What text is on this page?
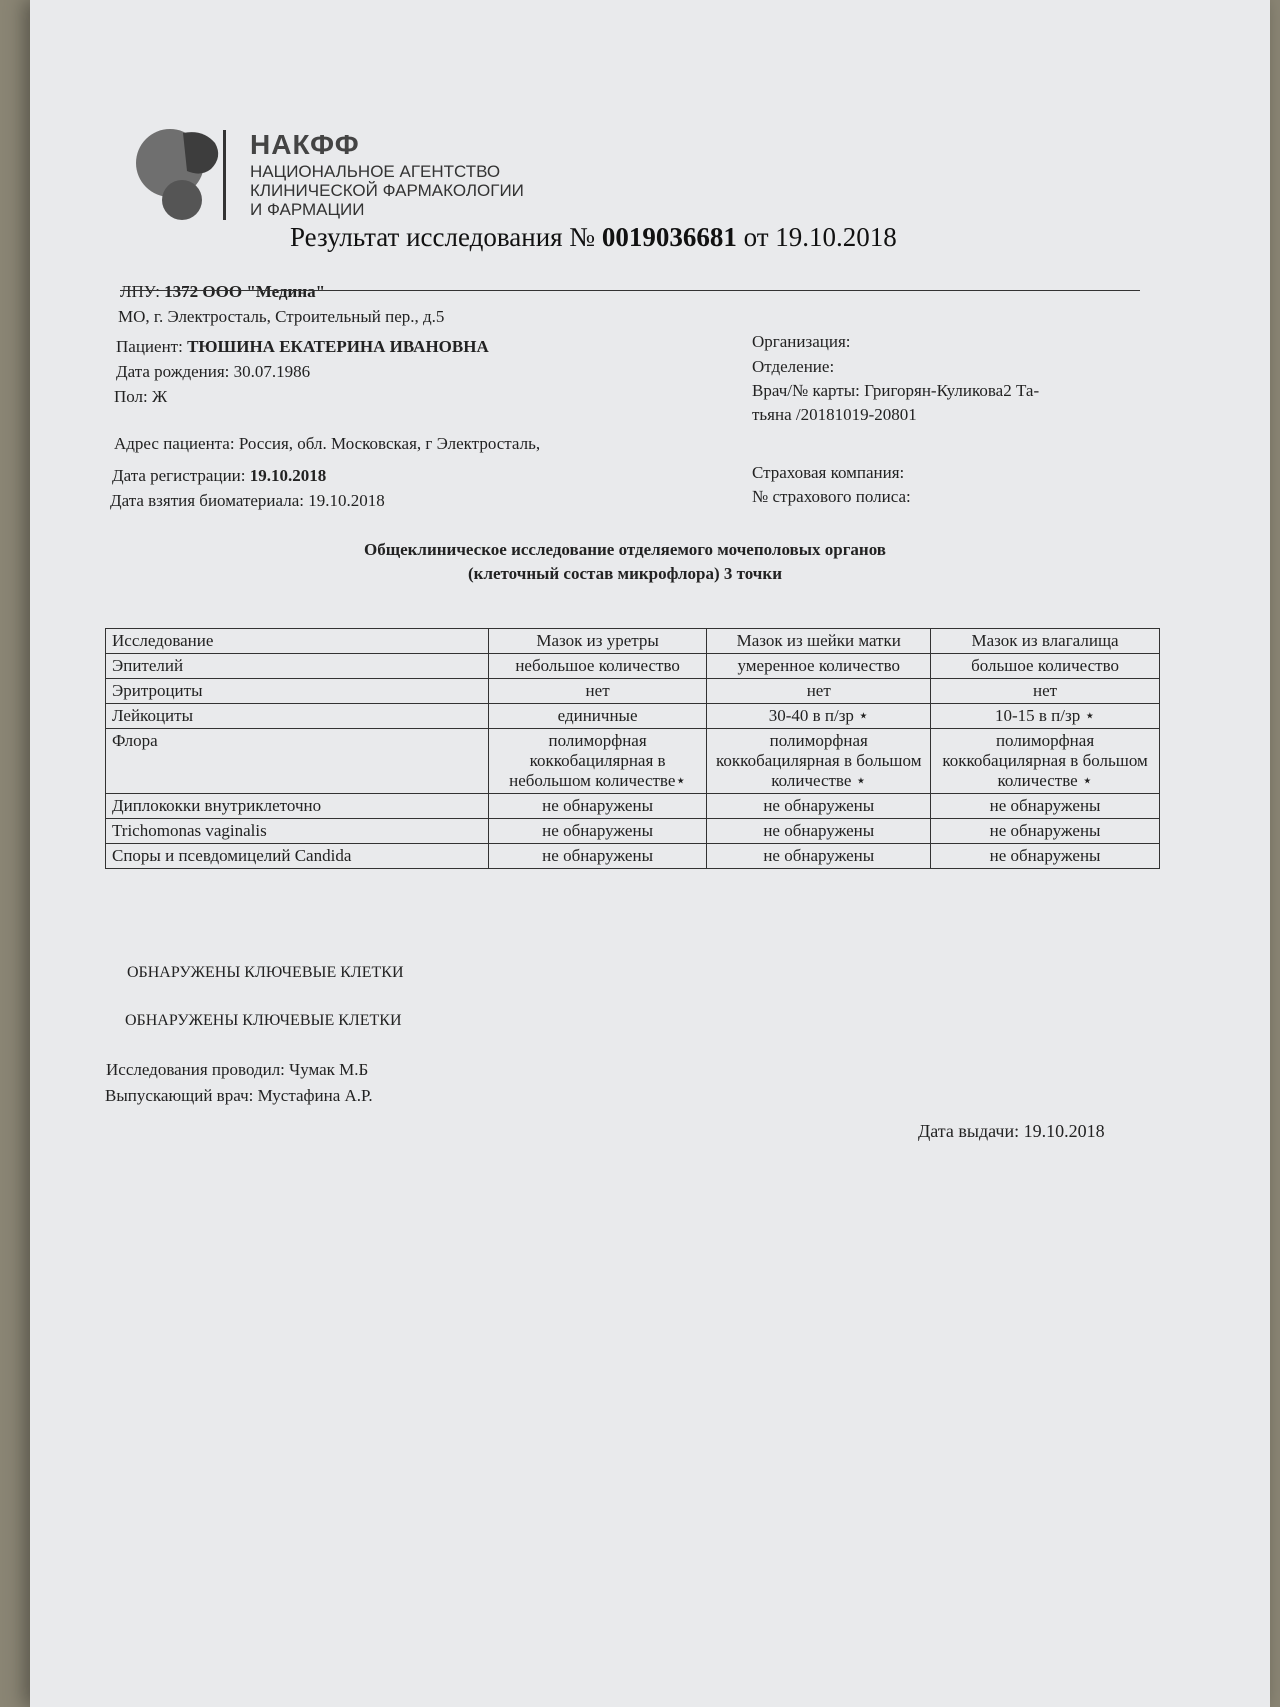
НАКФФ
НАЦИОНАЛЬНОЕ АГЕНТСТВО
КЛИНИЧЕСКОЙ ФАРМАКОЛОГИИ
И ФАРМАЦИИ
Результат исследования № 0019036681 от 19.10.2018
ЛПУ: 1372 ООО "Медина"
МО, г. Электросталь, Строительный пер., д.5
Пациент: ТЮШИНА ЕКАТЕРИНА ИВАНОВНА
Дата рождения: 30.07.1986
Пол: Ж
Адрес пациента: Россия, обл. Московская, г Электросталь,
Дата регистрации: 19.10.2018
Дата взятия биоматериала: 19.10.2018
Организация:
Отделение:
Врач/№ карты: Григорян-Куликова2 Та-
тьяна /20181019-20801
Страховая компания:
№ страхового полиса:
Общеклиническое исследование отделяемого мочеполовых органов
(клеточный состав микрофлора) 3 точки
Исследование	Мазок из уретры	Мазок из шейки матки	Мазок из влагалища
Эпителий	небольшое количество	умеренное количество	большое количество
Эритроциты	нет	нет	нет
Лейкоциты	единичные	30-40 в п/зр ⋆	10-15 в п/зр ⋆
Флора	полиморфная коккобацилярная в небольшом количестве⋆	полиморфная коккобацилярная в большом количестве ⋆	полиморфная коккобацилярная в большом количестве ⋆
Диплококки внутриклеточно	не обнаружены	не обнаружены	не обнаружены
Trichomonas vaginalis	не обнаружены	не обнаружены	не обнаружены
Споры и псевдомицелий Candida	не обнаружены	не обнаружены	не обнаружены
ОБНАРУЖЕНЫ КЛЮЧЕВЫЕ КЛЕТКИ
ОБНАРУЖЕНЫ КЛЮЧЕВЫЕ КЛЕТКИ
Исследования проводил: Чумак М.Б
Выпускающий врач: Мустафина А.Р.
Дата выдачи: 19.10.2018
